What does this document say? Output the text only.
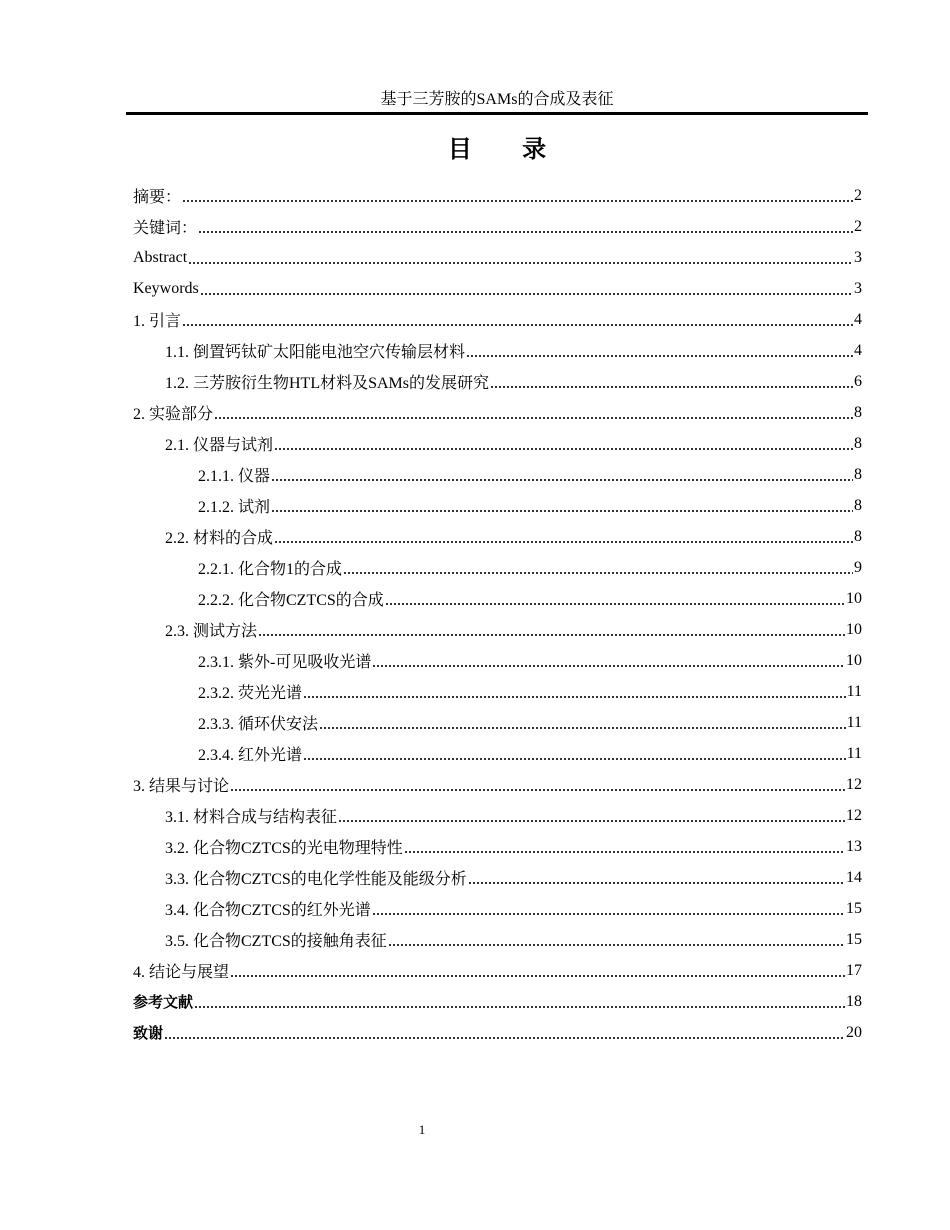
基于三芳胺的SAMs的合成及表征
目 录
摘要：	2
关键词：	2
Abstract	3
Keywords	3
1. 引言	4
1.1. 倒置钙钛矿太阳能电池空穴传输层材料	4
1.2. 三芳胺衍生物HTL材料及SAMs的发展研究	6
2. 实验部分	8
2.1. 仪器与试剂	8
2.1.1. 仪器	8
2.1.2. 试剂	8
2.2. 材料的合成	8
2.2.1. 化合物1的合成	9
2.2.2. 化合物CZTCS的合成	10
2.3. 测试方法	10
2.3.1. 紫外-可见吸收光谱	10
2.3.2. 荧光光谱	11
2.3.3. 循环伏安法	11
2.3.4. 红外光谱	11
3. 结果与讨论	12
3.1. 材料合成与结构表征	12
3.2. 化合物CZTCS的光电物理特性	13
3.3. 化合物CZTCS的电化学性能及能级分析	14
3.4. 化合物CZTCS的红外光谱	15
3.5. 化合物CZTCS的接触角表征	15
4. 结论与展望	17
参考文献	18
致谢	20
1
